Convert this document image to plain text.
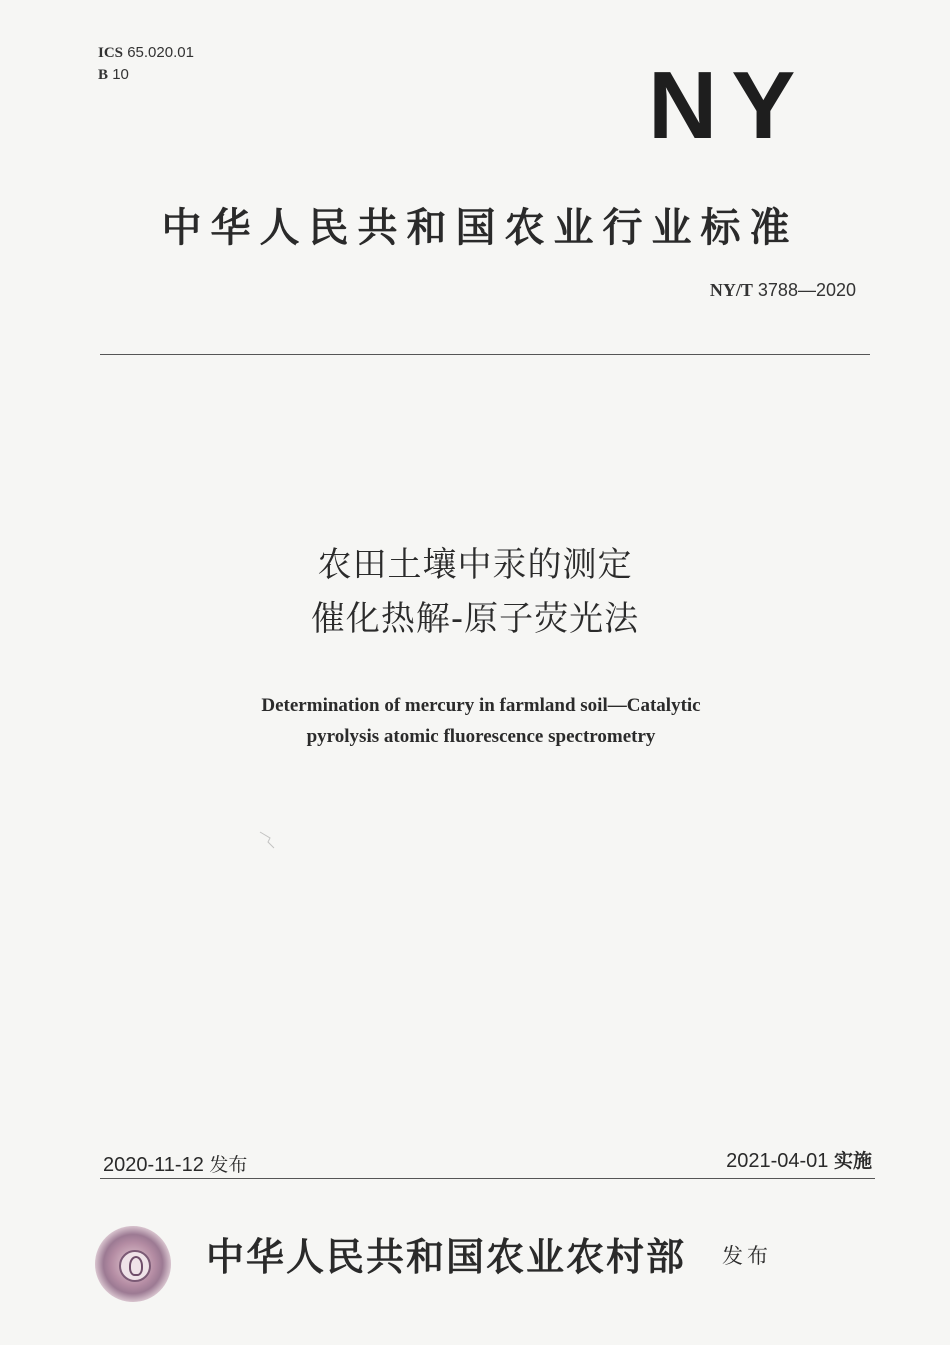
ICS 65.020.01
B 10	NY
中华人民共和国农业行业标准
NY/T 3788—2020
农田土壤中汞的测定
催化热解-原子荧光法
Determination of mercury in farmland soil—Catalytic
pyrolysis atomic fluorescence spectrometry
2020-11-12 发布	2021-04-01 实施
中华人民共和国农业农村部 发布
